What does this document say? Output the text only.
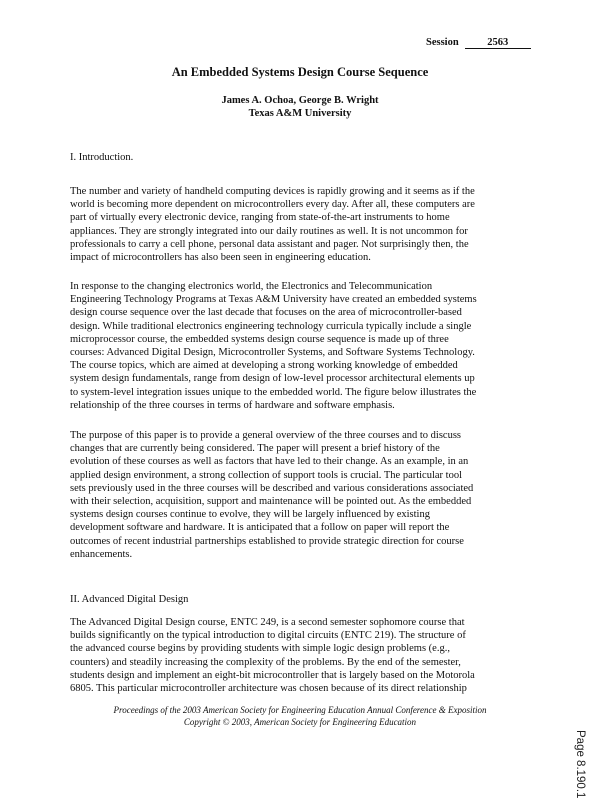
Session	2563
An Embedded Systems Design Course Sequence
James A. Ochoa, George B. Wright
Texas A&M University
I. Introduction.
The number and variety of handheld computing devices is rapidly growing and it seems as if the
world is becoming more dependent on microcontrollers every day. After all, these computers are
part of virtually every electronic device, ranging from state-of-the-art instruments to home
appliances. They are strongly integrated into our daily routines as well. It is not uncommon for
professionals to carry a cell phone, personal data assistant and pager. Not surprisingly then, the
impact of microcontrollers has also been seen in engineering education.
In response to the changing electronics world, the Electronics and Telecommunication
Engineering Technology Programs at Texas A&M University have created an embedded systems
design course sequence over the last decade that focuses on the area of microcontroller-based
design. While traditional electronics engineering technology curricula typically include a single
microprocessor course, the embedded systems design course sequence is made up of three
courses: Advanced Digital Design, Microcontroller Systems, and Software Systems Technology.
The course topics, which are aimed at developing a strong working knowledge of embedded
system design fundamentals, range from design of low-level processor architectural elements up
to system-level integration issues unique to the embedded world. The figure below illustrates the
relationship of the three courses in terms of hardware and software emphasis.
The purpose of this paper is to provide a general overview of the three courses and to discuss
changes that are currently being considered. The paper will present a brief history of the
evolution of these courses as well as factors that have led to their change. As an example, in an
applied design environment, a strong collection of support tools is crucial. The particular tool
sets previously used in the three courses will be described and various considerations associated
with their selection, acquisition, support and maintenance will be pointed out. As the embedded
systems design courses continue to evolve, they will be largely influenced by existing
development software and hardware. It is anticipated that a follow on paper will report the
outcomes of recent industrial partnerships established to provide strategic direction for course
enhancements.
II. Advanced Digital Design
The Advanced Digital Design course, ENTC 249, is a second semester sophomore course that
builds significantly on the typical introduction to digital circuits (ENTC 219). The structure of
the advanced course begins by providing students with simple logic design problems (e.g.,
counters) and steadily increasing the complexity of the problems. By the end of the semester,
students design and implement an eight-bit microcontroller that is largely based on the Motorola
6805. This particular microcontroller architecture was chosen because of its direct relationship
Proceedings of the 2003 American Society for Engineering Education Annual Conference & Exposition
Copyright © 2003, American Society for Engineering Education
Page 8.190.1
